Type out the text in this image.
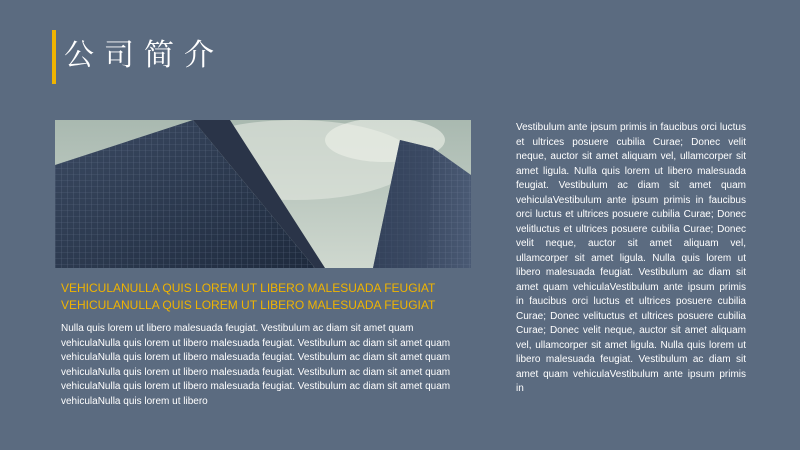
公司简介
VEHICULANULLA QUIS LOREM UT LIBERO MALESUADA FEUGIAT
VEHICULANULLA QUIS LOREM UT LIBERO MALESUADA FEUGIAT
Nulla quis lorem ut libero malesuada feugiat. Vestibulum ac diam sit amet quam vehiculaNulla quis lorem ut libero malesuada feugiat. Vestibulum ac diam sit amet quam vehiculaNulla quis lorem ut libero malesuada feugiat. Vestibulum ac diam sit amet quam vehiculaNulla quis lorem ut libero malesuada feugiat. Vestibulum ac diam sit amet quam vehiculaNulla quis lorem ut libero malesuada feugiat. Vestibulum ac diam sit amet quam vehiculaNulla quis lorem ut libero
Vestibulum ante ipsum primis in faucibus orci luctus et ultrices posuere cubilia Curae; Donec velit neque, auctor sit amet aliquam vel, ullamcorper sit amet ligula. Nulla quis lorem ut libero malesuada feugiat. Vestibulum ac diam sit amet quam vehiculaVestibulum ante ipsum primis in faucibus orci luctus et ultrices posuere cubilia Curae; Donec velitluctus et ultrices posuere cubilia Curae; Donec velit neque, auctor sit amet aliquam vel, ullamcorper sit amet ligula. Nulla quis lorem ut libero malesuada feugiat. Vestibulum ac diam sit amet quam vehiculaVestibulum ante ipsum primis in faucibus orci luctus et ultrices posuere cubilia Curae; Donec velituctus et ultrices posuere cubilia Curae; Donec velit neque, auctor sit amet aliquam vel, ullamcorper sit amet ligula. Nulla quis lorem ut libero malesuada feugiat. Vestibulum ac diam sit amet quam vehiculaVestibulum ante ipsum primis in
